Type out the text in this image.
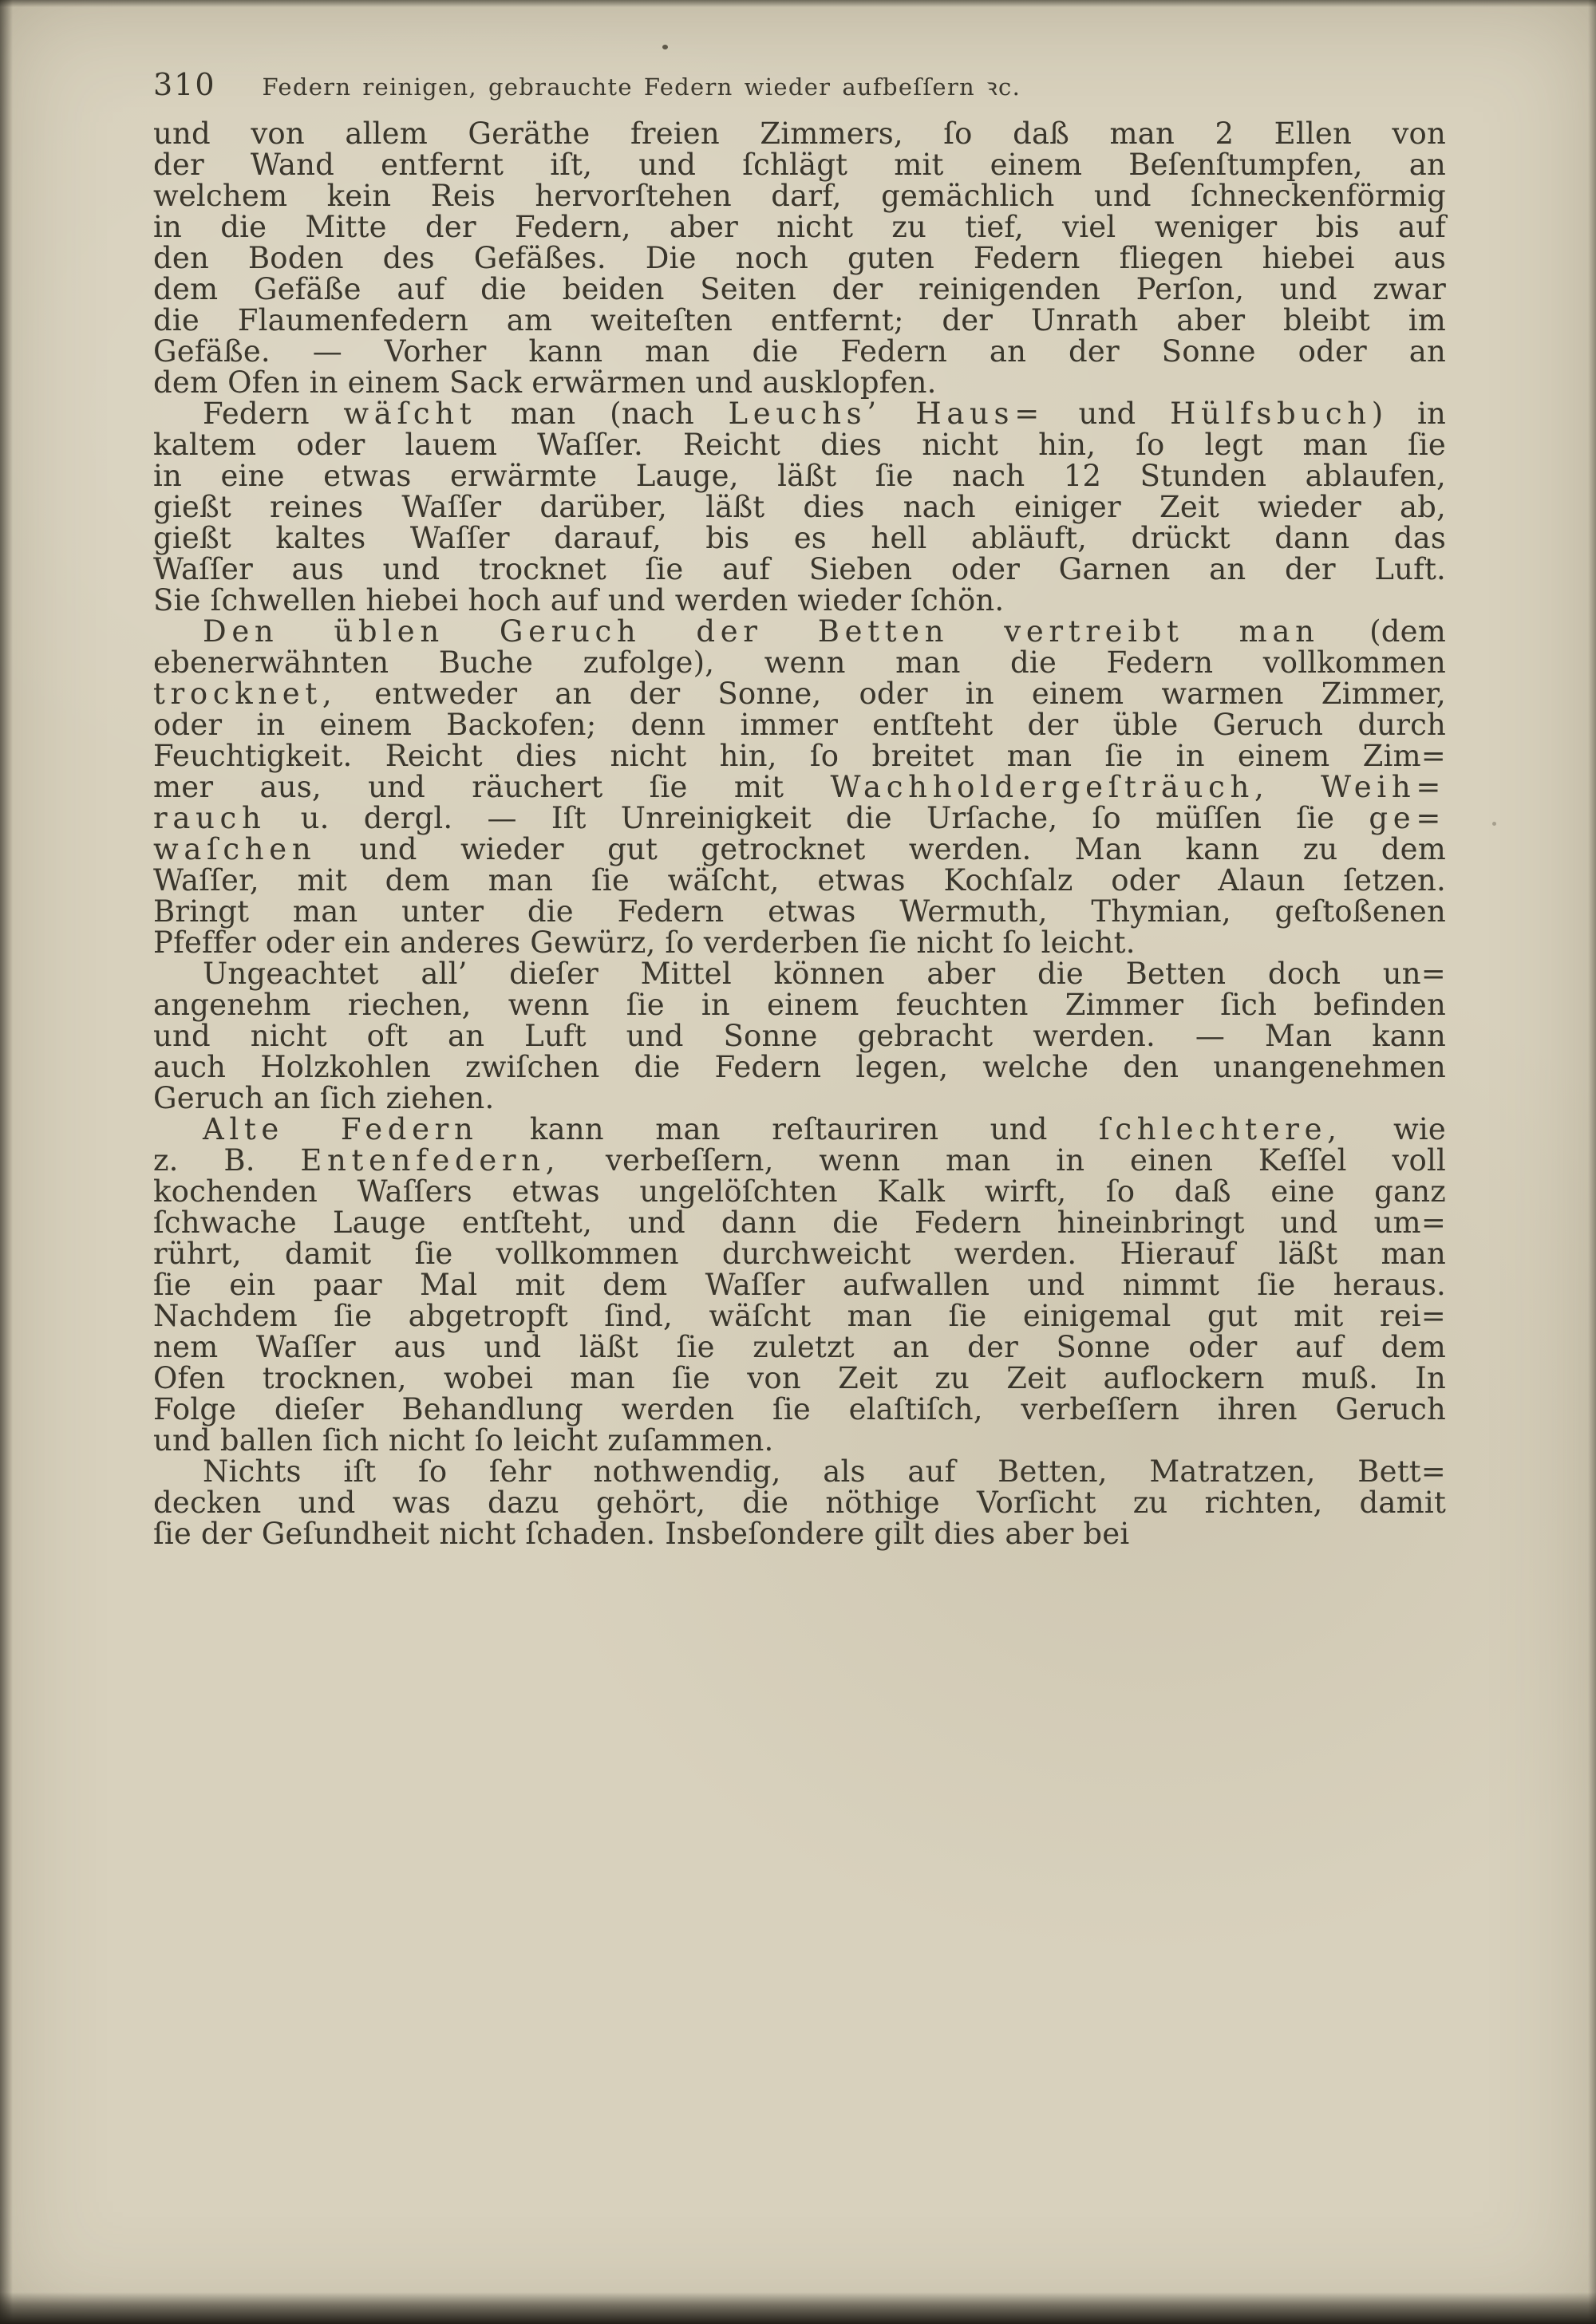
310 Federn reinigen, gebrauchte Federn wieder aufbeſſern ꝛc.
und von allem Geräthe freien Zimmers, ſo daß man 2 Ellen von
der Wand entfernt iſt, und ſchlägt mit einem Beſenſtumpfen, an
welchem kein Reis hervorſtehen darf, gemächlich und ſchneckenförmig
in die Mitte der Federn, aber nicht zu tief, viel weniger bis auf
den Boden des Gefäßes. Die noch guten Federn fliegen hiebei aus
dem Gefäße auf die beiden Seiten der reinigenden Perſon, und zwar
die Flaumenfedern am weiteſten entfernt; der Unrath aber bleibt im
Gefäße. — Vorher kann man die Federn an der Sonne oder an
dem Ofen in einem Sack erwärmen und ausklopfen.
Federn wäſcht man (nach Leuchs’ Haus= und Hülfsbuch) in
kaltem oder lauem Waſſer. Reicht dies nicht hin, ſo legt man ſie
in eine etwas erwärmte Lauge, läßt ſie nach 12 Stunden ablaufen,
gießt reines Waſſer darüber, läßt dies nach einiger Zeit wieder ab,
gießt kaltes Waſſer darauf, bis es hell abläuft, drückt dann das
Waſſer aus und trocknet ſie auf Sieben oder Garnen an der Luft.
Sie ſchwellen hiebei hoch auf und werden wieder ſchön.
Den üblen Geruch der Betten vertreibt man (dem
ebenerwähnten Buche zufolge), wenn man die Federn vollkommen
trocknet, entweder an der Sonne, oder in einem warmen Zimmer,
oder in einem Backofen; denn immer entſteht der üble Geruch durch
Feuchtigkeit. Reicht dies nicht hin, ſo breitet man ſie in einem Zim=
mer aus, und räuchert ſie mit Wachholdergeſträuch, Weih=
rauch u. dergl. — Iſt Unreinigkeit die Urſache, ſo müſſen ſie ge=
waſchen und wieder gut getrocknet werden. Man kann zu dem
Waſſer, mit dem man ſie wäſcht, etwas Kochſalz oder Alaun ſetzen.
Bringt man unter die Federn etwas Wermuth, Thymian, geſtoßenen
Pfeffer oder ein anderes Gewürz, ſo verderben ſie nicht ſo leicht.
Ungeachtet all’ dieſer Mittel können aber die Betten doch un=
angenehm riechen, wenn ſie in einem feuchten Zimmer ſich befinden
und nicht oft an Luft und Sonne gebracht werden. — Man kann
auch Holzkohlen zwiſchen die Federn legen, welche den unangenehmen
Geruch an ſich ziehen.
Alte Federn kann man reſtauriren und ſchlechtere, wie
z. B. Entenfedern, verbeſſern, wenn man in einen Keſſel voll
kochenden Waſſers etwas ungelöſchten Kalk wirft, ſo daß eine ganz
ſchwache Lauge entſteht, und dann die Federn hineinbringt und um=
rührt, damit ſie vollkommen durchweicht werden. Hierauf läßt man
ſie ein paar Mal mit dem Waſſer aufwallen und nimmt ſie heraus.
Nachdem ſie abgetropft ſind, wäſcht man ſie einigemal gut mit rei=
nem Waſſer aus und läßt ſie zuletzt an der Sonne oder auf dem
Ofen trocknen, wobei man ſie von Zeit zu Zeit auflockern muß. In
Folge dieſer Behandlung werden ſie elaſtiſch, verbeſſern ihren Geruch
und ballen ſich nicht ſo leicht zuſammen.
Nichts iſt ſo ſehr nothwendig, als auf Betten, Matratzen, Bett=
decken und was dazu gehört, die nöthige Vorſicht zu richten, damit
ſie der Geſundheit nicht ſchaden. Insbeſondere gilt dies aber bei
